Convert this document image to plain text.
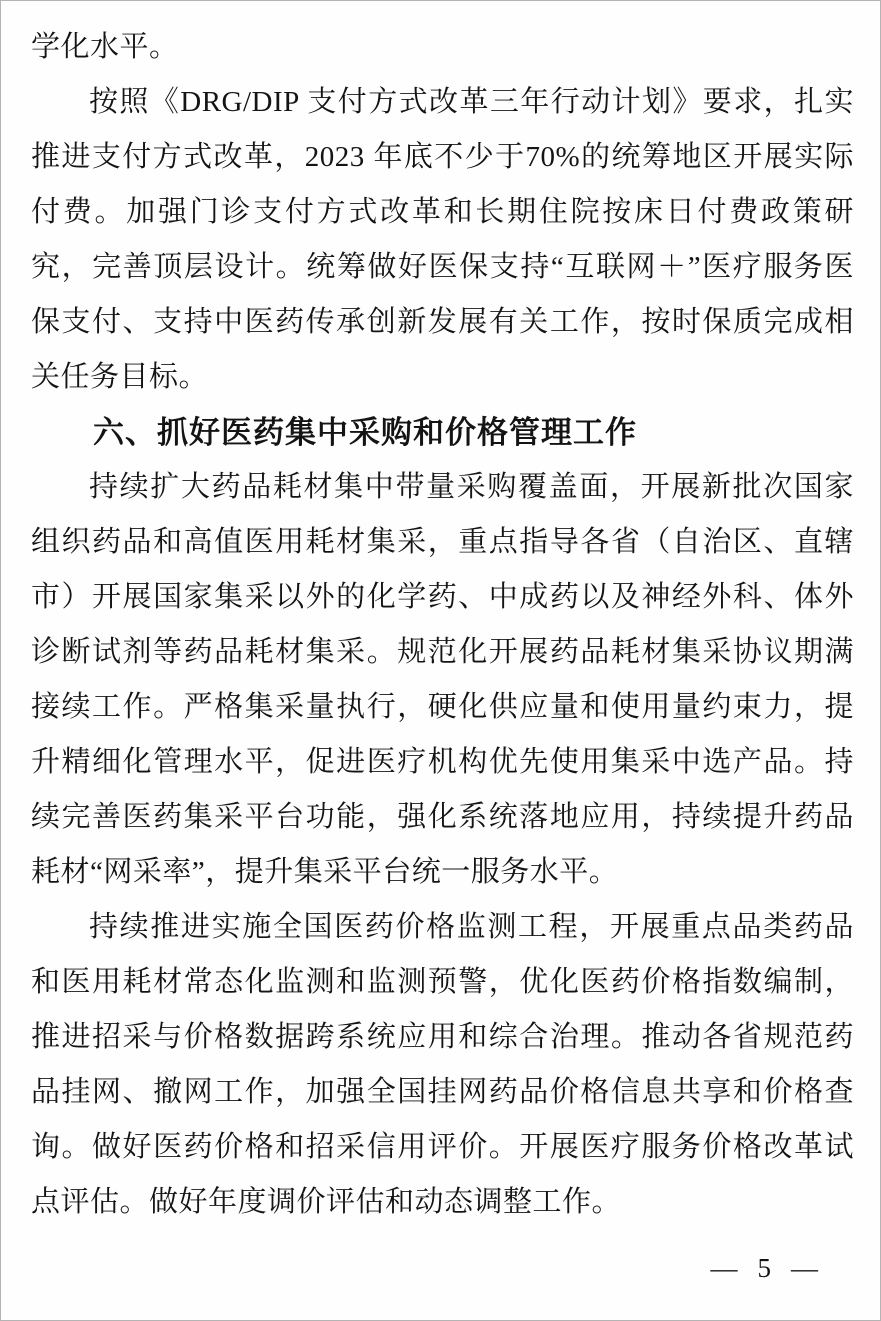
学化水平。

按照《DRG/DIP 支付方式改革三年行动计划》要求，扎实推进支付方式改革，2023 年底不少于70%的统筹地区开展实际付费。加强门诊支付方式改革和长期住院按床日付费政策研究，完善顶层设计。统筹做好医保支持“互联网＋”医疗服务医保支付、支持中医药传承创新发展有关工作，按时保质完成相关任务目标。

六、抓好医药集中采购和价格管理工作

持续扩大药品耗材集中带量采购覆盖面，开展新批次国家组织药品和高值医用耗材集采，重点指导各省（自治区、直辖市）开展国家集采以外的化学药、中成药以及神经外科、体外诊断试剂等药品耗材集采。规范化开展药品耗材集采协议期满接续工作。严格集采量执行，硬化供应量和使用量约束力，提升精细化管理水平，促进医疗机构优先使用集采中选产品。持续完善医药集采平台功能，强化系统落地应用，持续提升药品耗材“网采率”，提升集采平台统一服务水平。

持续推进实施全国医药价格监测工程，开展重点品类药品和医用耗材常态化监测和监测预警，优化医药价格指数编制，推进招采与价格数据跨系统应用和综合治理。推动各省规范药品挂网、撤网工作，加强全国挂网药品价格信息共享和价格查询。做好医药价格和招采信用评价。开展医疗服务价格改革试点评估。做好年度调价评估和动态调整工作。

— 5 —
